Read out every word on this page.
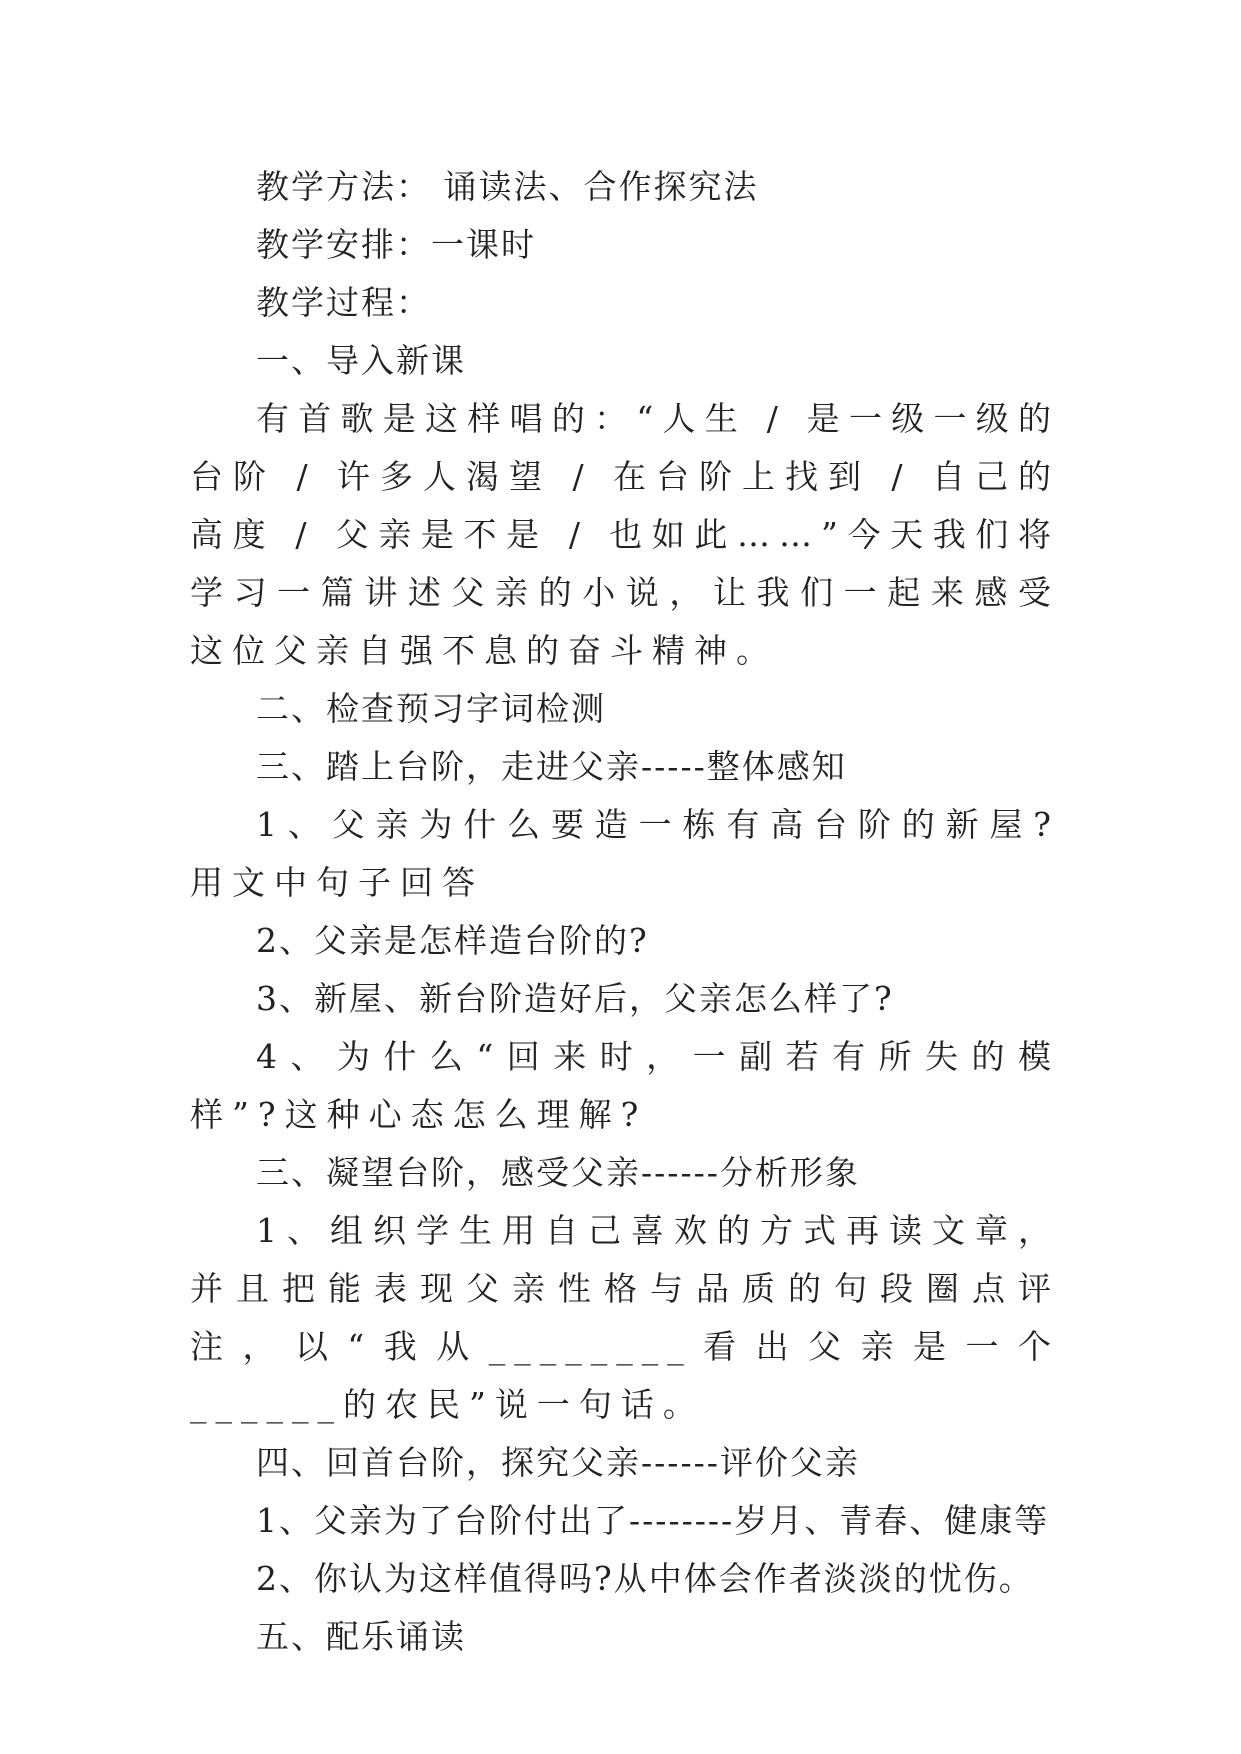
教学方法： 诵读法、合作探究法

教学安排：一课时

教学过程：

一、导入新课

有首歌是这样唱的：“人生 / 是一级一级的台阶 / 许多人渴望 / 在台阶上找到 / 自己的高度 / 父亲是不是 / 也如此……”今天我们将学习一篇讲述父亲的小说，让我们一起来感受这位父亲自强不息的奋斗精神。

二、检查预习字词检测

三、踏上台阶，走进父亲-----整体感知

1、父亲为什么要造一栋有高台阶的新屋?用文中句子回答

2、父亲是怎样造台阶的?

3、新屋、新台阶造好后，父亲怎么样了?

4、为什么“回来时，一副若有所失的模样”?这种心态怎么理解?

三、凝望台阶，感受父亲------分析形象

1、组织学生用自己喜欢的方式再读文章，并且把能表现父亲性格与品质的句段圈点评注，以“我从________看出父亲是一个______的农民”说一句话。

四、回首台阶，探究父亲------评价父亲

1、父亲为了台阶付出了--------岁月、青春、健康等

2、你认为这样值得吗?从中体会作者淡淡的忧伤。

五、配乐诵读
